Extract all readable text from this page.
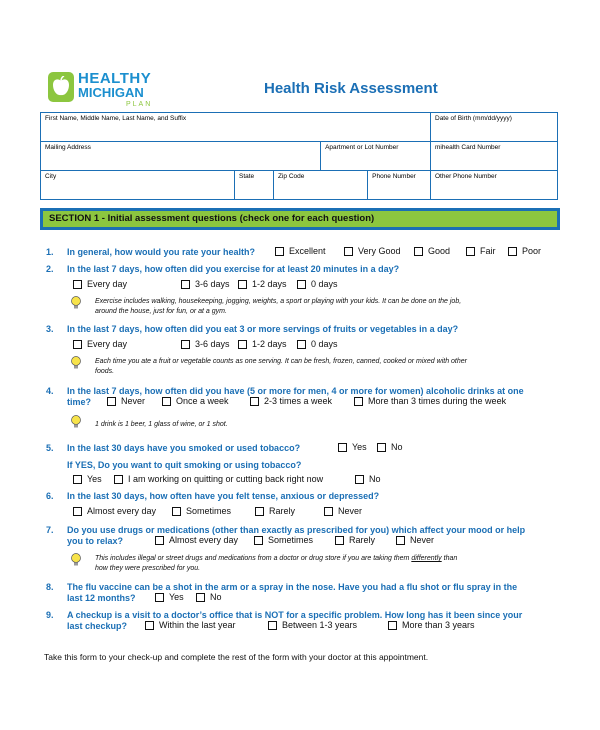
HEALTHY
MICHIGAN
PLAN
Health Risk Assessment
First Name, Middle Name, Last Name, and Suffix					Date of Birth (mm/dd/yyyy)
Mailing Address			Apartment or Lot Number		mihealth Card Number
City	State	Zip Code		Phone Number	Other Phone Number
SECTION 1 - Initial assessment questions (check one for each question)
1. In general, how would you rate your health?	Excellent	Very Good	Good	Fair	Poor
2. In the last 7 days, how often did you exercise for at least 20 minutes in a day?
Every day	3-6 days 1-2 days	0 days
Exercise includes walking, housekeeping, jogging, weights, a sport or playing with your kids. It can be done on the job,
around the house, just for fun, or at a gym.
3. In the last 7 days, how often did you eat 3 or more servings of fruits or vegetables in a day?
Every day	3-6 days 1-2 days	0 days
Each time you ate a fruit or vegetable counts as one serving. It can be fresh, frozen, canned, cooked or mixed with other
foods.
4. In the last 7 days, how often did you have (5 or more for men, 4 or more for women) alcoholic drinks at one
time?	Never	Once a week	2-3 times a week	More than 3 times during the week
1 drink is 1 beer, 1 glass of wine, or 1 shot.
5. In the last 30 days have you smoked or used tobacco?	Yes	No
If YES, Do you want to quit smoking or using tobacco?
Yes	I am working on quitting or cutting back right now	No
6. In the last 30 days, how often have you felt tense, anxious or depressed?
Almost every day	Sometimes	Rarely	Never
7. Do you use drugs or medications (other than exactly as prescribed for you) which affect your mood or help
you to relax?	Almost every day	Sometimes	Rarely	Never
This includes illegal or street drugs and medications from a doctor or drug store if you are taking them differently than
how they were prescribed for you.
8. The flu vaccine can be a shot in the arm or a spray in the nose. Have you had a flu shot or flu spray in the
last 12 months?	Yes	No
9. A checkup is a visit to a doctor’s office that is NOT for a specific problem. How long has it been since your
last checkup?	Within the last year	Between 1-3 years	More than 3 years
Take this form to your check-up and complete the rest of the form with your doctor at this appointment.
